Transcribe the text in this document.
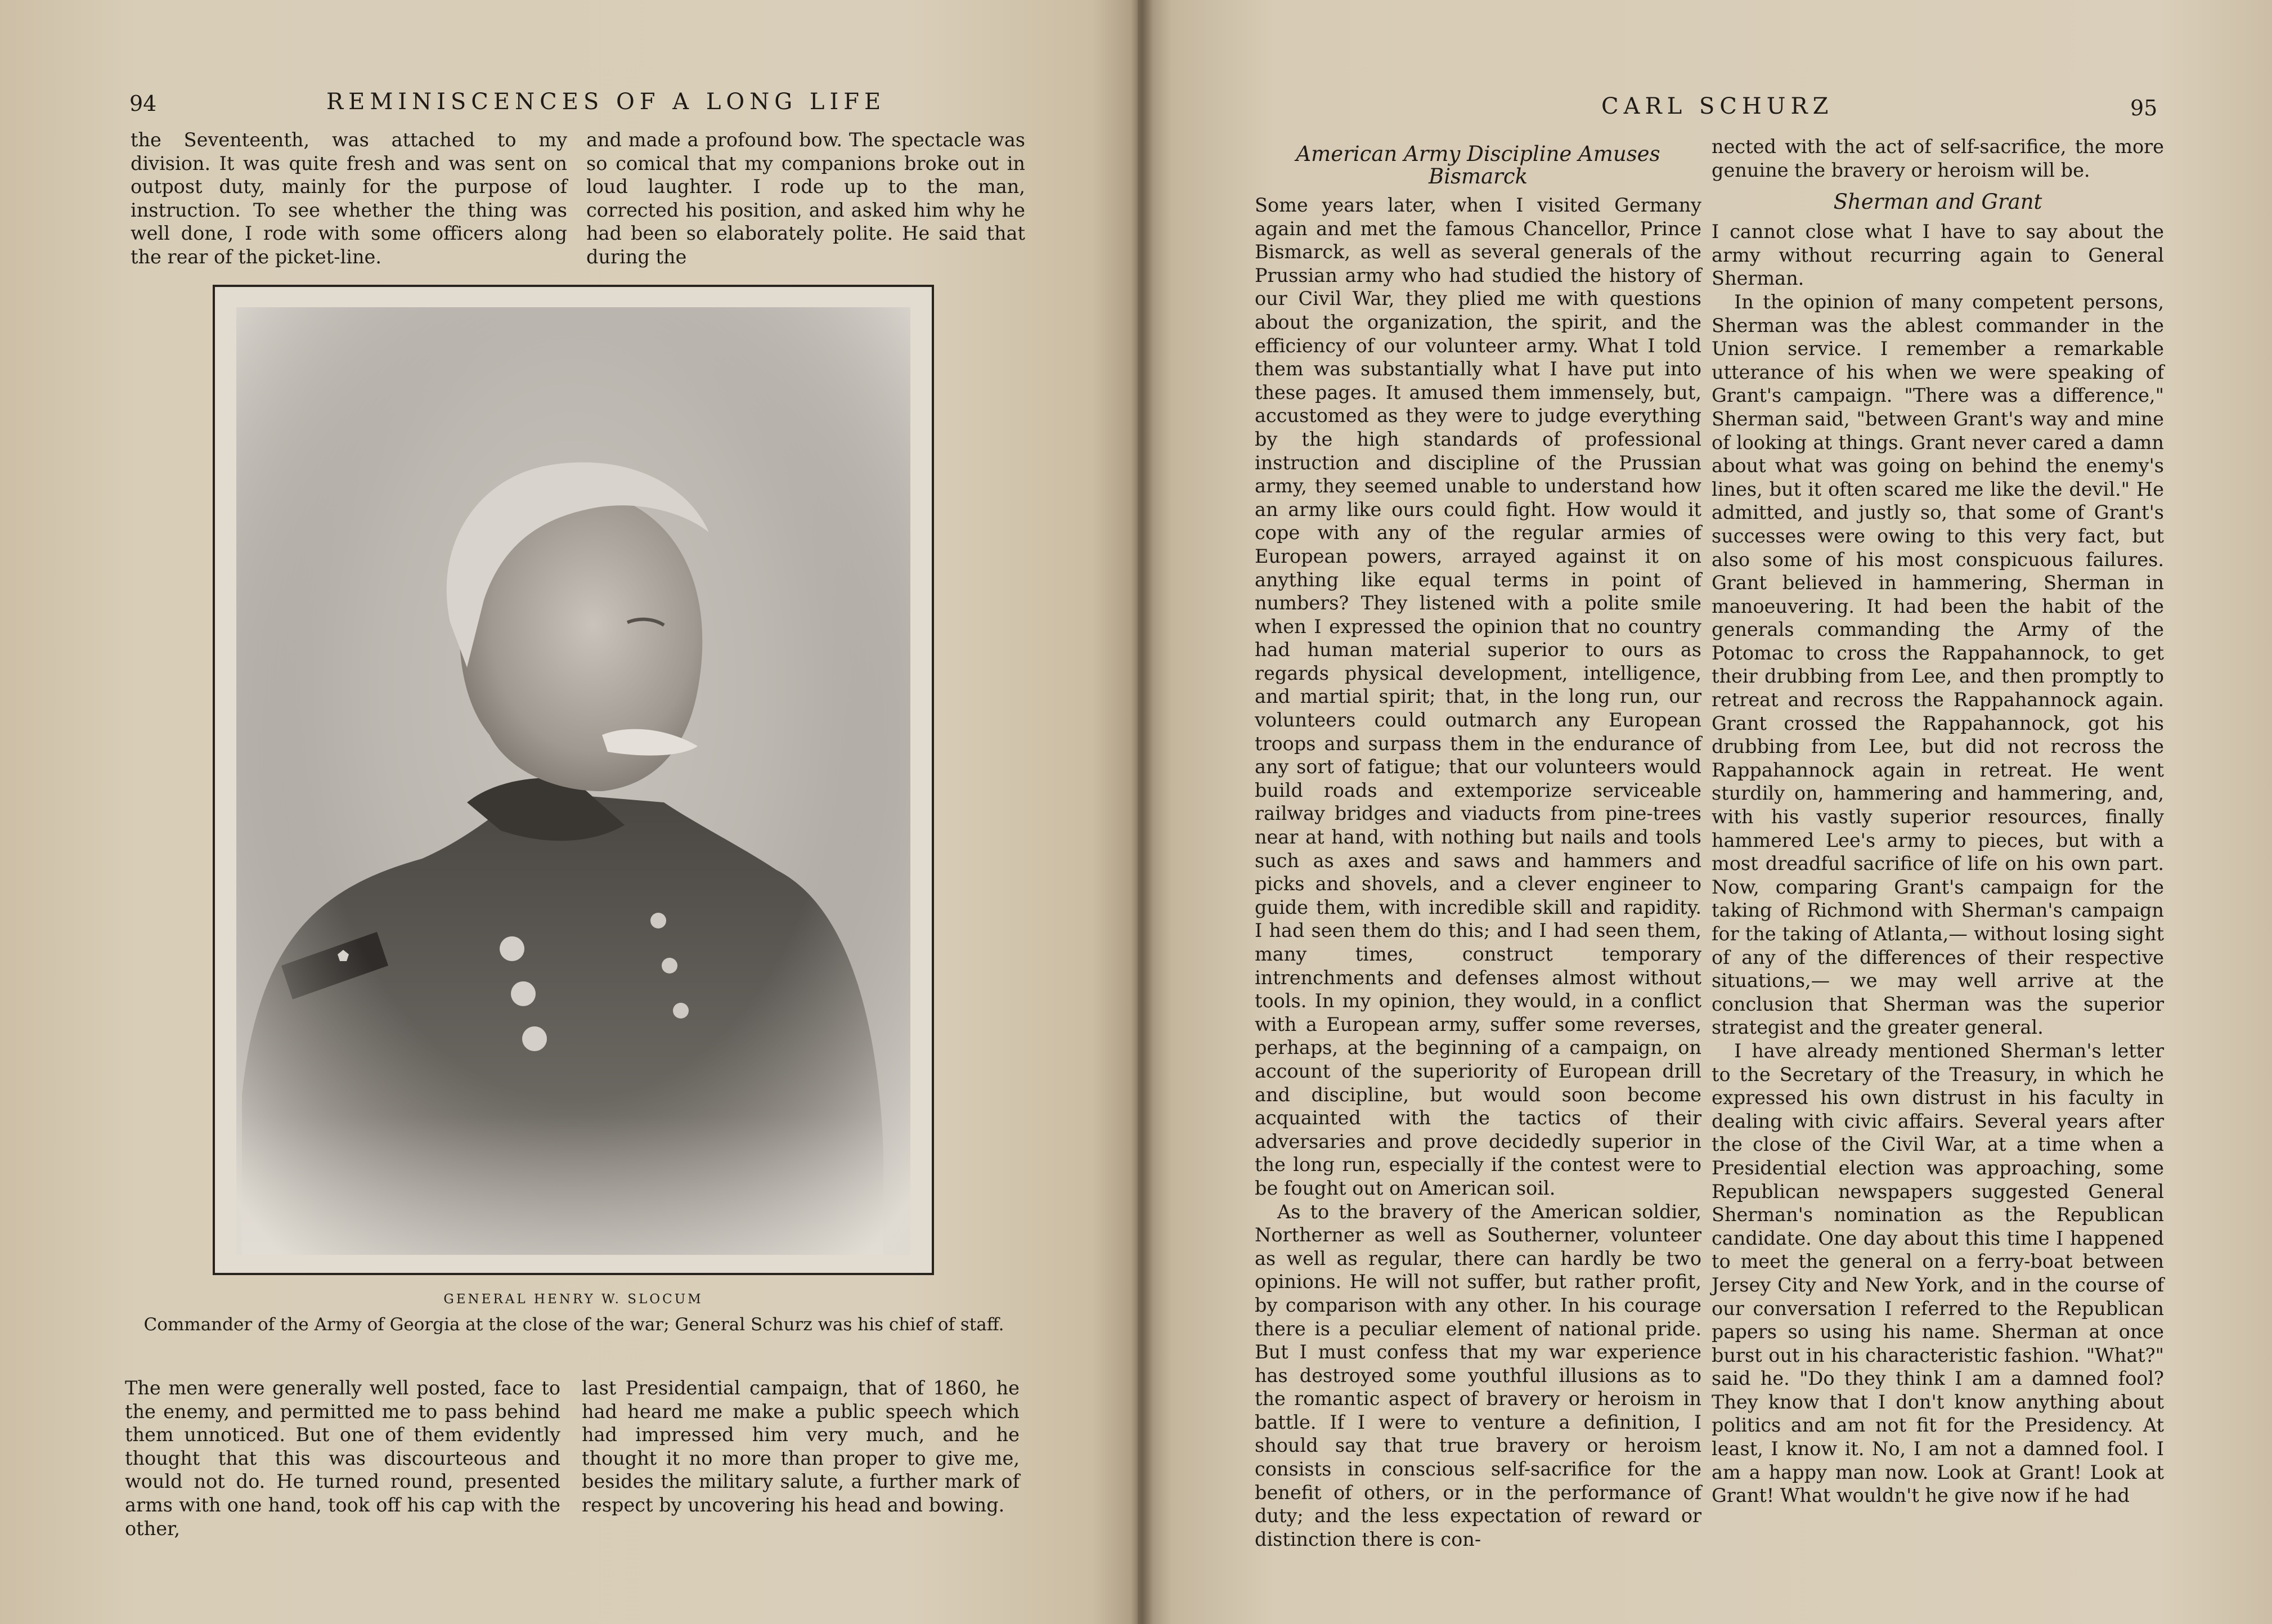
94	REMINISCENCES OF A LONG LIFE

the Seventeenth, was attached to my division. It was quite fresh and was sent on outpost duty, mainly for the purpose of instruction. To see whether the thing was well done, I rode with some officers along the rear of the picket-line.

and made a profound bow. The spectacle was so comical that my companions broke out in loud laughter. I rode up to the man, corrected his position, and asked him why he had been so elaborately polite. He said that during the

GENERAL HENRY W. SLOCUM
Commander of the Army of Georgia at the close of the war; General Schurz was his chief of staff.

The men were generally well posted, face to the enemy, and permitted me to pass behind them unnoticed. But one of them evidently thought that this was discourteous and would not do. He turned round, presented arms with one hand, took off his cap with the other,

last Presidential campaign, that of 1860, he had heard me make a public speech which had impressed him very much, and he thought it no more than proper to give me, besides the military salute, a further mark of respect by uncovering his head and bowing.

CARL SCHURZ	95

American Army Discipline Amuses Bismarck

Some years later, when I visited Germany again and met the famous Chancellor, Prince Bismarck, as well as several generals of the Prussian army who had studied the history of our Civil War, they plied me with questions about the organization, the spirit, and the efficiency of our volunteer army. What I told them was substantially what I have put into these pages. It amused them immensely, but, accustomed as they were to judge everything by the high standards of professional instruction and discipline of the Prussian army, they seemed unable to understand how an army like ours could fight. How would it cope with any of the regular armies of European powers, arrayed against it on anything like equal terms in point of numbers? They listened with a polite smile when I expressed the opinion that no country had human material superior to ours as regards physical development, intelligence, and martial spirit; that, in the long run, our volunteers could outmarch any European troops and surpass them in the endurance of any sort of fatigue; that our volunteers would build roads and extemporize serviceable railway bridges and viaducts from pine-trees near at hand, with nothing but nails and tools such as axes and saws and hammers and picks and shovels, and a clever engineer to guide them, with incredible skill and rapidity. I had seen them do this; and I had seen them, many times, construct temporary intrenchments and defenses almost without tools. In my opinion, they would, in a conflict with a European army, suffer some reverses, perhaps, at the beginning of a campaign, on account of the superiority of European drill and discipline, but would soon become acquainted with the tactics of their adversaries and prove decidedly superior in the long run, especially if the contest were to be fought out on American soil.

As to the bravery of the American soldier, Northerner as well as Southerner, volunteer as well as regular, there can hardly be two opinions. He will not suffer, but rather profit, by comparison with any other. In his courage there is a peculiar element of national pride. But I must confess that my war experience has destroyed some youthful illusions as to the romantic aspect of bravery or heroism in battle. If I were to venture a definition, I should say that true bravery or heroism consists in conscious self-sacrifice for the benefit of others, or in the performance of duty; and the less expectation of reward or distinction there is con-

nected with the act of self-sacrifice, the more genuine the bravery or heroism will be.

Sherman and Grant

I cannot close what I have to say about the army without recurring again to General Sherman.

In the opinion of many competent persons, Sherman was the ablest commander in the Union service. I remember a remarkable utterance of his when we were speaking of Grant's campaign. "There was a difference," Sherman said, "between Grant's way and mine of looking at things. Grant never cared a damn about what was going on behind the enemy's lines, but it often scared me like the devil." He admitted, and justly so, that some of Grant's successes were owing to this very fact, but also some of his most conspicuous failures. Grant believed in hammering, Sherman in manoeuvering. It had been the habit of the generals commanding the Army of the Potomac to cross the Rappahannock, to get their drubbing from Lee, and then promptly to retreat and recross the Rappahannock again. Grant crossed the Rappahannock, got his drubbing from Lee, but did not recross the Rappahannock again in retreat. He went sturdily on, hammering and hammering, and, with his vastly superior resources, finally hammered Lee's army to pieces, but with a most dreadful sacrifice of life on his own part. Now, comparing Grant's campaign for the taking of Richmond with Sherman's campaign for the taking of Atlanta,— without losing sight of any of the differences of their respective situations,— we may well arrive at the conclusion that Sherman was the superior strategist and the greater general.

I have already mentioned Sherman's letter to the Secretary of the Treasury, in which he expressed his own distrust in his faculty in dealing with civic affairs. Several years after the close of the Civil War, at a time when a Presidential election was approaching, some Republican newspapers suggested General Sherman's nomination as the Republican candidate. One day about this time I happened to meet the general on a ferry-boat between Jersey City and New York, and in the course of our conversation I referred to the Republican papers so using his name. Sherman at once burst out in his characteristic fashion. "What?" said he. "Do they think I am a damned fool? They know that I don't know anything about politics and am not fit for the Presidency. At least, I know it. No, I am not a damned fool. I am a happy man now. Look at Grant! Look at Grant! What wouldn't he give now if he had
